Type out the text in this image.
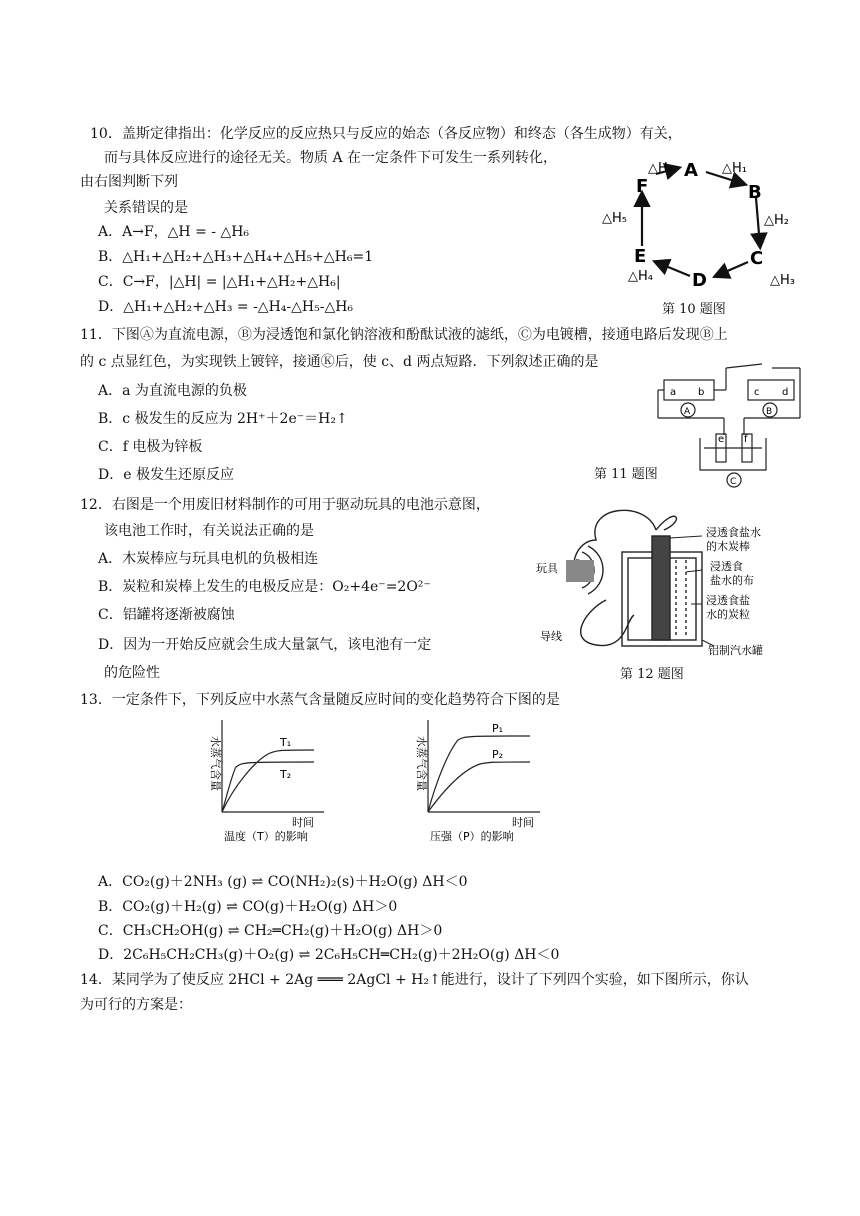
10．盖斯定律指出：化学反应的反应热只与反应的始态（各反应物）和终态（各生成物）有关，
而与具体反应进行的途径无关。物质 A 在一定条件下可发生一系列转化，
由右图判断下列
关系错误的是
A．A→F，△H = - △H₆
B．△H₁+△H₂+△H₃+△H₄+△H₅+△H₆=1
C．C→F，|△H| = |△H₁+△H₂+△H₆|
D．△H₁+△H₂+△H₃ = -△H₄-△H₅-△H₆
A
B
C
D
E
F
△H₁
△H₂
△H₃
△H₄
△H₅
△H₆
第 10 题图
11．下图Ⓐ为直流电源，Ⓑ为浸透饱和氯化钠溶液和酚酞试液的滤纸，Ⓒ为电镀槽，接通电路后发现Ⓑ上
的 c 点显红色，为实现铁上镀锌，接通Ⓚ后，使 c、d 两点短路．下列叙述正确的是
A．a 为直流电源的负极
B．c 极发生的反应为 2H⁺＋2e⁻＝H₂↑
C．f 电极为锌板
D．e 极发生还原反应
a b	c d
e f
A	B
C
第 11 题图
12．右图是一个用废旧材料制作的可用于驱动玩具的电池示意图，
该电池工作时，有关说法正确的是
A．木炭棒应与玩具电机的负极相连
B．炭粒和炭棒上发生的电极反应是：O₂+4e⁻=2O²⁻
C．铝罐将逐渐被腐蚀
D．因为一开始反应就会生成大量氯气，该电池有一定
的危险性
浸透食盐水
的木炭棒
浸透食
盐水的布
浸透食盐
水的炭粒
玩具
导线
铝制汽水罐
第 12 题图
13．一定条件下，下列反应中水蒸气含量随反应时间的变化趋势符合下图的是
水蒸气含量
时间
T₁
T₂
温度（T）的影响
水蒸气含量
时间
P₁
P₂
压强（P）的影响
A．CO₂(g)＋2NH₃ (g) ⇌ CO(NH₂)₂(s)＋H₂O(g) ΔH＜0
B．CO₂(g)＋H₂(g) ⇌ CO(g)＋H₂O(g) ΔH＞0
C．CH₃CH₂OH(g) ⇌ CH₂═CH₂(g)＋H₂O(g) ΔH＞0
D．2C₆H₅CH₂CH₃(g)＋O₂(g) ⇌ 2C₆H₅CH═CH₂(g)＋2H₂O(g) ΔH＜0
14．某同学为了使反应 2HCl + 2Ag ═══ 2AgCl + H₂↑能进行，设计了下列四个实验，如下图所示，你认
为可行的方案是：
